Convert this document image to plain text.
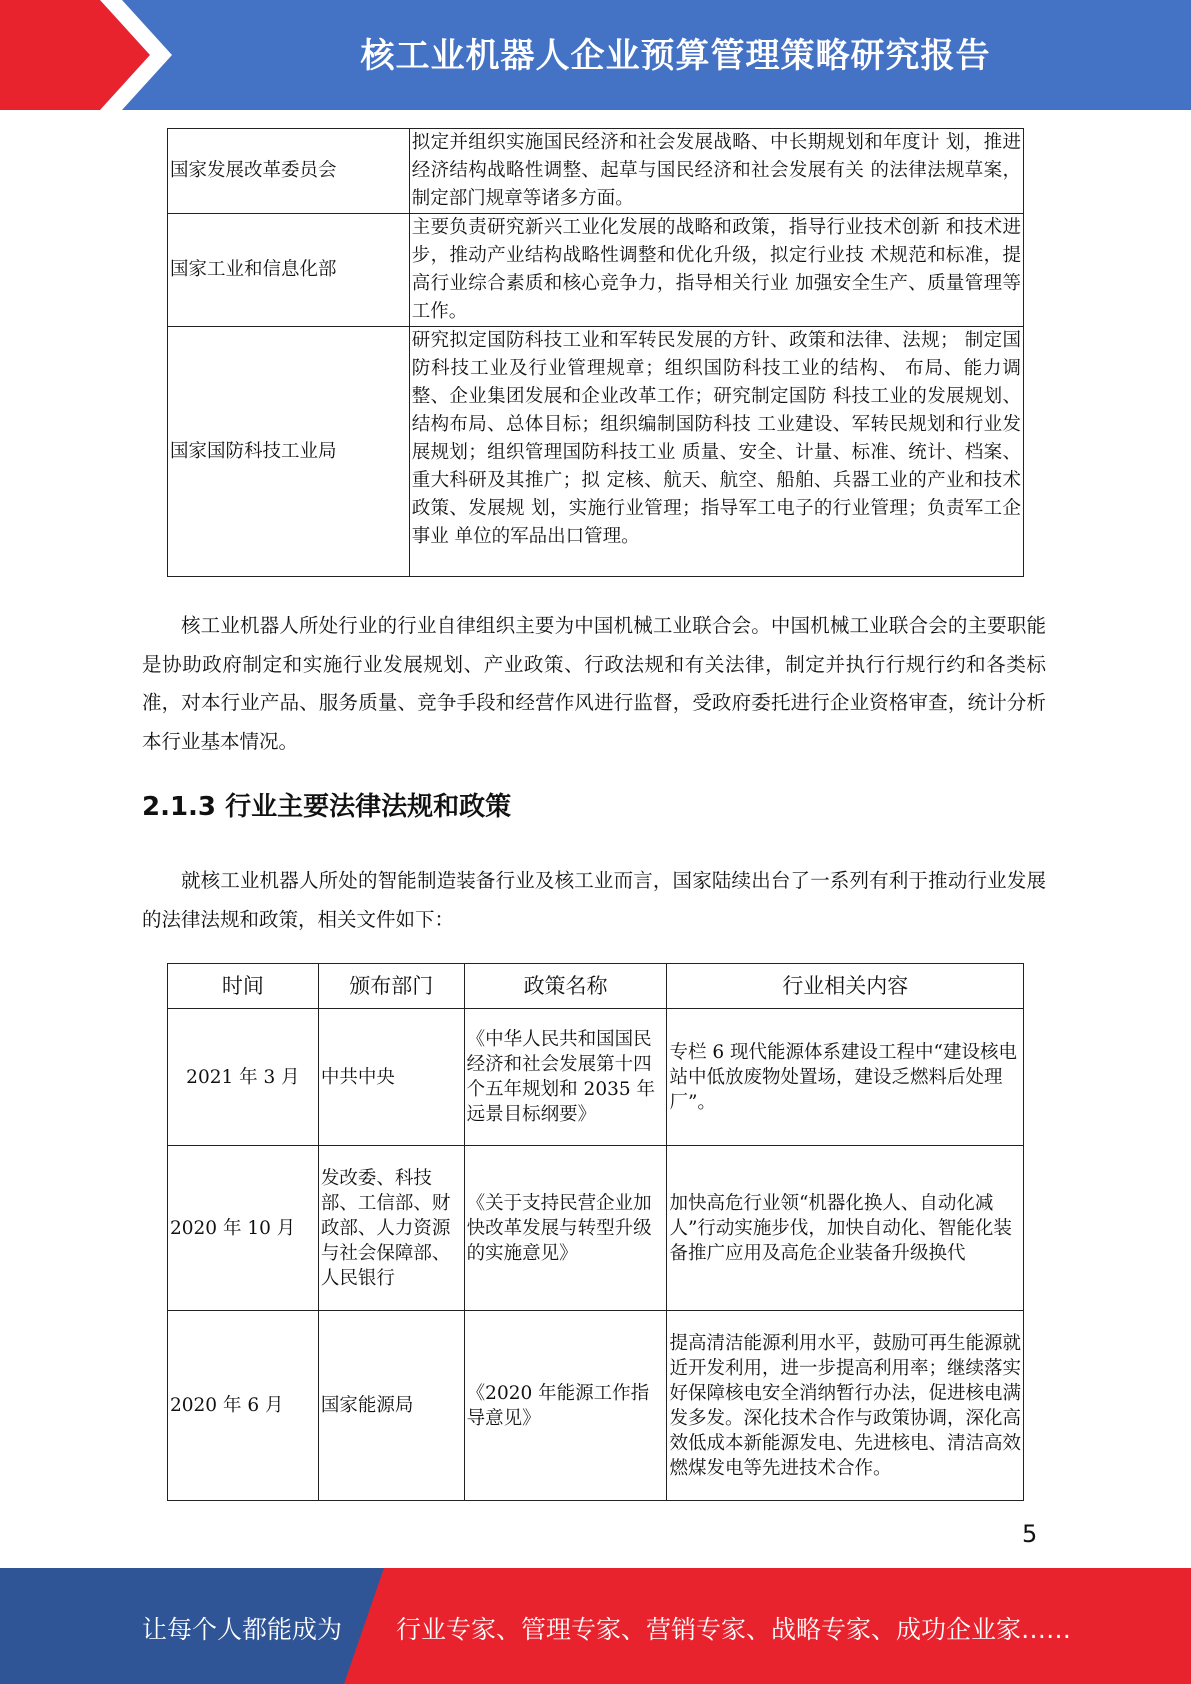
核工业机器人企业预算管理策略研究报告
国家发展改革委员会	拟定并组织实施国民经济和社会发展战略、中长期规划和年度计 划，推进经济结构战略性调整、起草与国民经济和社会发展有关 的法律法规草案，制定部门规章等诸多方面。
国家工业和信息化部	主要负责研究新兴工业化发展的战略和政策，指导行业技术创新 和技术进步，推动产业结构战略性调整和优化升级，拟定行业技 术规范和标准，提高行业综合素质和核心竞争力，指导相关行业 加强安全生产、质量管理等工作。
国家国防科技工业局	研究拟定国防科技工业和军转民发展的方针、政策和法律、法规； 制定国防科技工业及行业管理规章；组织国防科技工业的结构、 布局、能力调整、企业集团发展和企业改革工作；研究制定国防 科技工业的发展规划、结构布局、总体目标；组织编制国防科技 工业建设、军转民规划和行业发展规划；组织管理国防科技工业 质量、安全、计量、标准、统计、档案、重大科研及其推广；拟 定核、航天、航空、船舶、兵器工业的产业和技术政策、发展规 划，实施行业管理；指导军工电子的行业管理；负责军工企事业 单位的军品出口管理。

核工业机器人所处行业的行业自律组织主要为中国机械工业联合会。中国机械工业联合会的主要职能是协助政府制定和实施行业发展规划、产业政策、行政法规和有关法律，制定并执行行规行约和各类标准，对本行业产品、服务质量、竞争手段和经营作风进行监督，受政府委托进行企业资格审查，统计分析本行业基本情况。

2.1.3 行业主要法律法规和政策

就核工业机器人所处的智能制造装备行业及核工业而言，国家陆续出台了一系列有利于推动行业发展的法律法规和政策，相关文件如下：

时间	颁布部门	政策名称	行业相关内容
2021 年 3 月	中共中央	《中华人民共和国国民经济和社会发展第十四个五年规划和 2035 年远景目标纲要》	专栏 6 现代能源体系建设工程中“建设核电站中低放废物处置场，建设乏燃料后处理厂”。
2020 年 10 月	发改委、科技部、工信部、财政部、人力资源与社会保障部、人民银行	《关于支持民营企业加快改革发展与转型升级的实施意见》	加快高危行业领“机器化换人、自动化减人”行动实施步伐，加快自动化、智能化装备推广应用及高危企业装备升级换代
2020 年 6 月	国家能源局	《2020 年能源工作指导意见》	提高清洁能源利用水平，鼓励可再生能源就近开发利用，进一步提高利用率；继续落实好保障核电安全消纳暂行办法，促进核电满发多发。深化技术合作与政策协调，深化高效低成本新能源发电、先进核电、清洁高效燃煤发电等先进技术合作。
5
让每个人都能成为 行业专家、管理专家、营销专家、战略专家、成功企业家……
